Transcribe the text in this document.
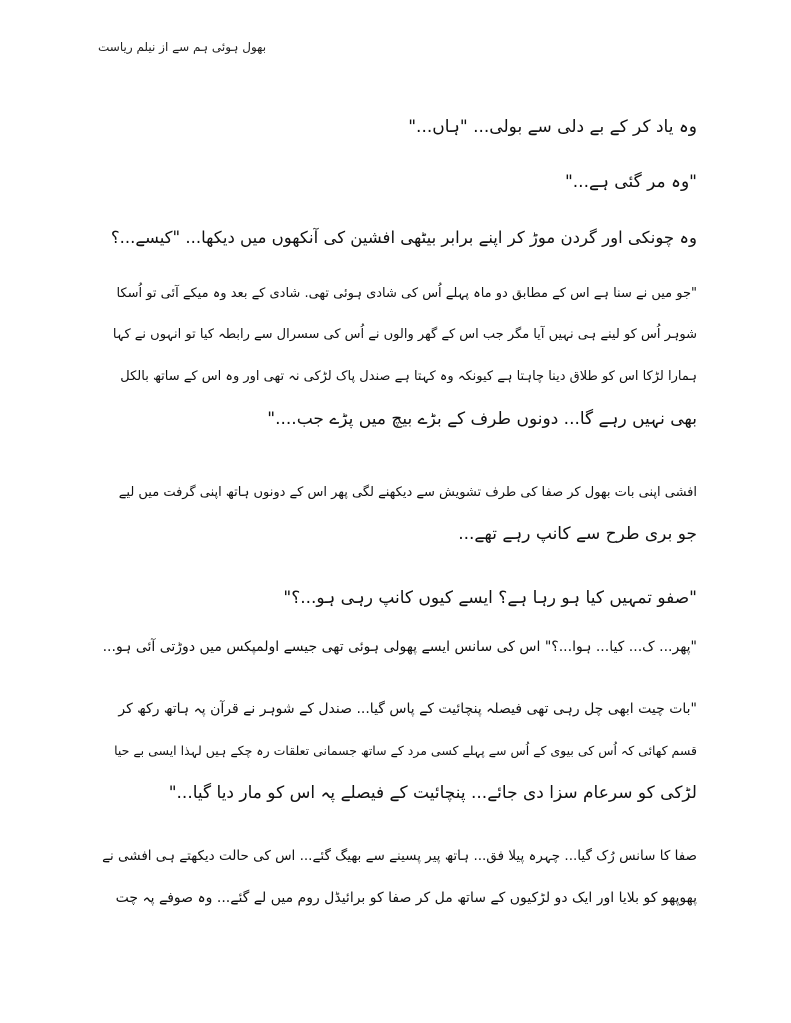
بھول ہوئی ہم سے از نیلم ریاست
وہ یاد کر کے بے دلی سے بولی... "ہاں..."
"وہ مر گئی ہے..."
وہ چونکی اور گردن موڑ کر اپنے برابر بیٹھی افشین کی آنکھوں میں دیکھا... "کیسے...؟
"جو میں نے سنا ہے اس کے مطابق دو ماہ پہلے اُس کی شادی ہوئی تھی. شادی کے بعد وہ میکے آئی تو اُسکا
شوہر اُس کو لینے ہی نہیں آیا مگر جب اس کے گھر والوں نے اُس کی سسرال سے رابطہ کیا تو انہوں نے کہا
ہمارا لڑکا اس کو طلاق دینا چاہتا ہے کیونکہ وہ کہتا ہے صندل پاک لڑکی نہ تھی اور وہ اس کے ساتھ بالکل
بھی نہیں رہے گا... دونوں طرف کے بڑے بیچ میں پڑے جب...."
افشی اپنی بات بھول کر صفا کی طرف تشویش سے دیکھنے لگی پھر اس کے دونوں ہاتھ اپنی گرفت میں لیے
جو بری طرح سے کانپ رہے تھے...
"صفو تمہیں کیا ہو رہا ہے؟ ایسے کیوں کانپ رہی ہو...؟"
"پھر... ک... کیا... ہوا...؟" اس کی سانس ایسے پھولی ہوئی تھی جیسے اولمپکس میں دوڑتی آئی ہو...
"بات چیت ابھی چل رہی تھی فیصلہ پنچائیت کے پاس گیا... صندل کے شوہر نے قرآن پہ ہاتھ رکھ کر
قسم کھائی کہ اُس کی بیوی کے اُس سے پہلے کسی مرد کے ساتھ جسمانی تعلقات رہ چکے ہیں لہذا ایسی بے حیا
لڑکی کو سرعام سزا دی جائے... پنچائیت کے فیصلے پہ اس کو مار دیا گیا..."
صفا کا سانس رُک گیا... چہرہ پیلا فق... ہاتھ پیر پسینے سے بھیگ گئے... اس کی حالت دیکھتے ہی افشی نے
پھوپھو کو بلایا اور ایک دو لڑکیوں کے ساتھ مل کر صفا کو برائیڈل روم میں لے گئے... وہ صوفے پہ چت
